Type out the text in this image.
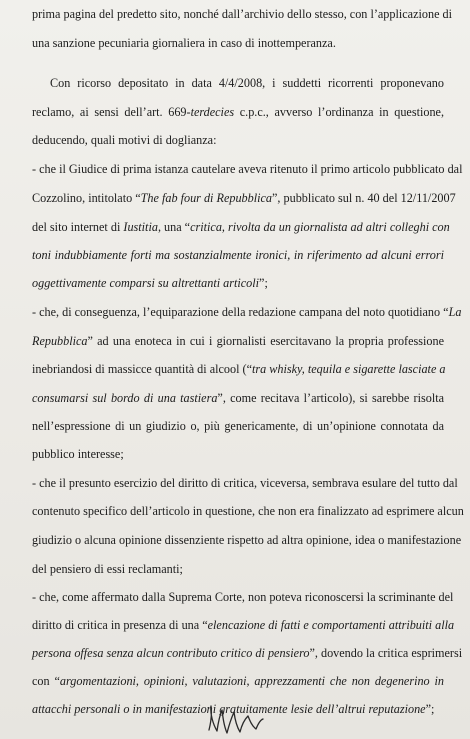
prima pagina del predetto sito, nonché dall’archivio dello stesso, con l’applicazione di
una sanzione pecuniaria giornaliera in caso di inottemperanza.
Con ricorso depositato in data 4/4/2008, i suddetti ricorrenti proponevano
reclamo, ai sensi dell’art. 669-terdecies c.p.c., avverso l’ordinanza in questione,
deducendo, quali motivi di doglianza:
- che il Giudice di prima istanza cautelare aveva ritenuto il primo articolo pubblicato dal
Cozzolino, intitolato “The fab four di Repubblica”, pubblicato sul n. 40 del 12/11/2007
del sito internet di Iustitia, una “critica, rivolta da un giornalista ad altri colleghi con
toni indubbiamente forti ma sostanzialmente ironici, in riferimento ad alcuni errori
oggettivamente comparsi su altrettanti articoli”;
- che, di conseguenza, l’equiparazione della redazione campana del noto quotidiano “La
Repubblica” ad una enoteca in cui i giornalisti esercitavano la propria professione
inebriandosi di massicce quantità di alcool (“tra whisky, tequila e sigarette lasciate a
consumarsi sul bordo di una tastiera”, come recitava l’articolo), si sarebbe risolta
nell’espressione di un giudizio o, più genericamente, di un’opinione connotata da
pubblico interesse;
- che il presunto esercizio del diritto di critica, viceversa, sembrava esulare del tutto dal
contenuto specifico dell’articolo in questione, che non era finalizzato ad esprimere alcun
giudizio o alcuna opinione dissenziente rispetto ad altra opinione, idea o manifestazione
del pensiero di essi reclamanti;
- che, come affermato dalla Suprema Corte, non poteva riconoscersi la scriminante del
diritto di critica in presenza di una “elencazione di fatti e comportamenti attribuiti alla
persona offesa senza alcun contributo critico di pensiero”, dovendo la critica esprimersi
con “argomentazioni, opinioni, valutazioni, apprezzamenti che non degenerino in
attacchi personali o in manifestazioni gratuitamente lesie dell’altrui reputazione”;
